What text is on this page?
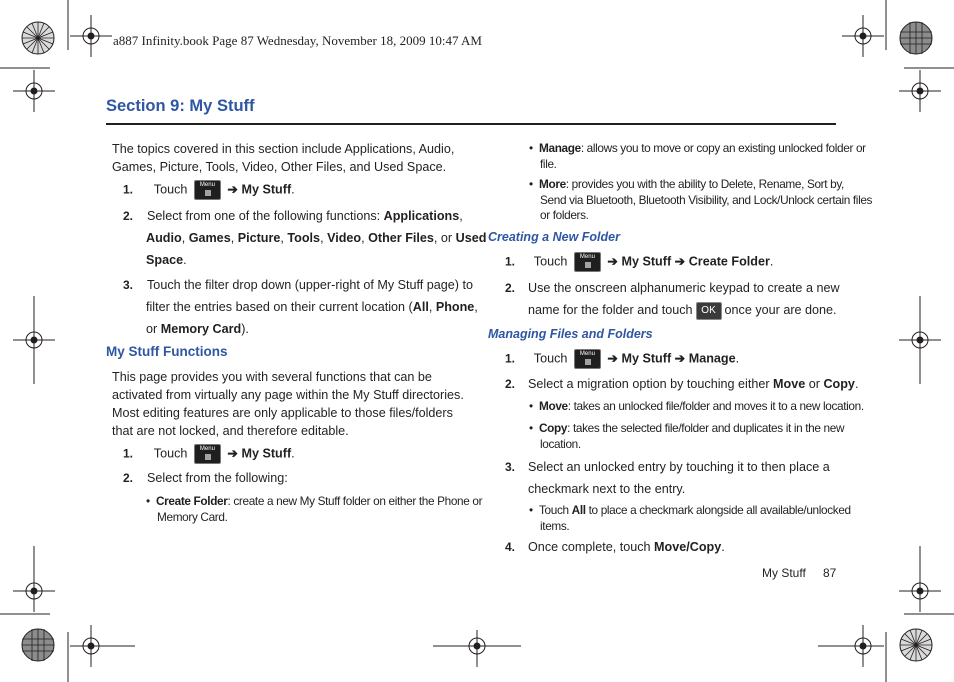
a887 Infinity.book Page 87 Wednesday, November 18, 2009 10:47 AM
Section 9: My Stuff
The topics covered in this section include Applications, Audio,
Games, Picture, Tools, Video, Other Files, and Used Space.
1. Touch	Menu ➔ My Stuff.
2. Select from one of the following functions: Applications,
Audio, Games, Picture, Tools, Video, Other Files, or Used
Space.
3. Touch the filter drop down (upper-right of My Stuff page) to
filter the entries based on their current location (All, Phone,
or Memory Card).
My Stuff Functions
This page provides you with several functions that can be
activated from virtually any page within the My Stuff directories.
Most editing features are only applicable to those files/folders
that are not locked, and therefore editable.
1. Touch	Menu ➔ My Stuff.
2. Select from the following:
• Create Folder: create a new My Stuff folder on either the Phone or
Memory Card.
• Manage: allows you to move or copy an existing unlocked folder or
file.
• More: provides you with the ability to Delete, Rename, Sort by,
Send via Bluetooth, Bluetooth Visibility, and Lock/Unlock certain files
or folders.
Creating a New Folder
1. Touch	Menu ➔ My Stuff ➔ Create Folder.
2. Use the onscreen alphanumeric keypad to create a new
name for the folder and touch OK once your are done.
Managing Files and Folders
1. Touch	Menu ➔ My Stuff ➔ Manage.
2. Select a migration option by touching either Move or Copy.
• Move: takes an unlocked file/folder and moves it to a new location.
• Copy: takes the selected file/folder and duplicates it in the new
location.
3. Select an unlocked entry by touching it to then place a
checkmark next to the entry.
• Touch All to place a checkmark alongside all available/unlocked
items.
4. Once complete, touch Move/Copy.
My Stuff 87
